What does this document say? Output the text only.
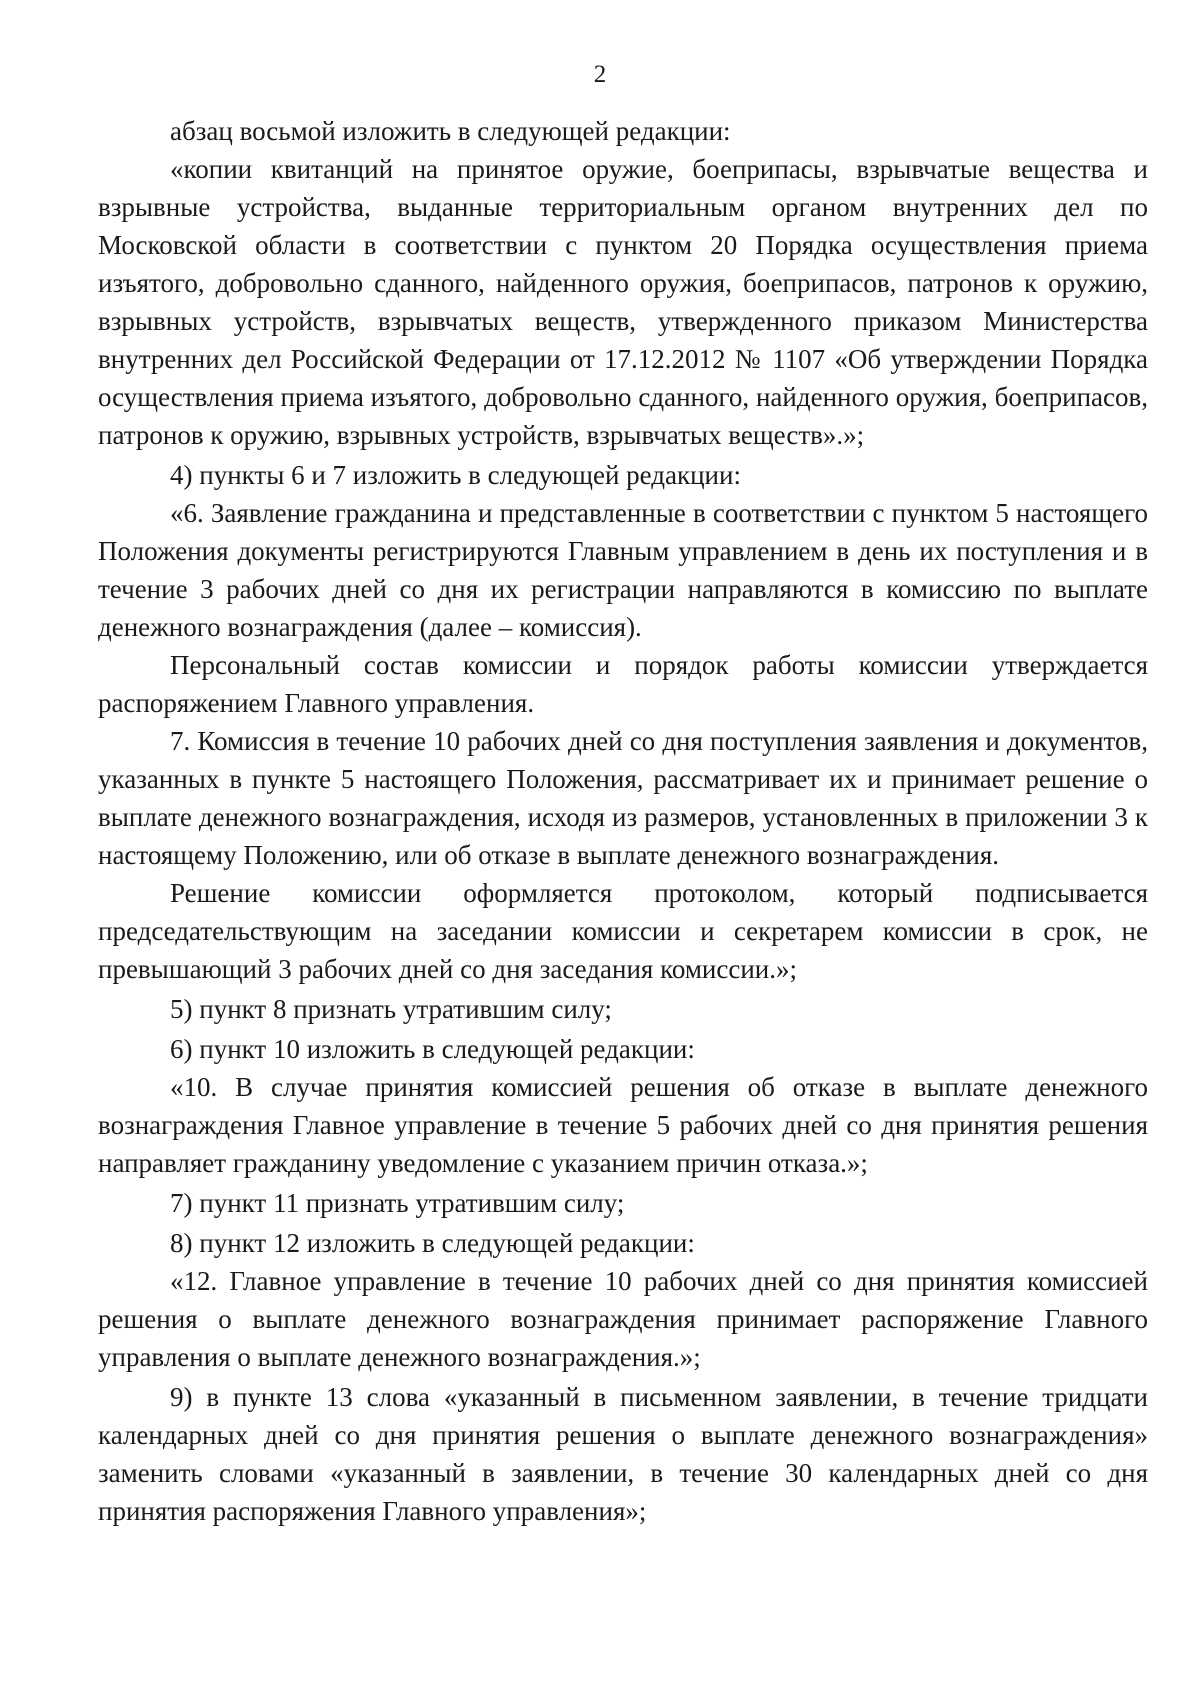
2

абзац восьмой изложить в следующей редакции:

«копии квитанций на принятое оружие, боеприпасы, взрывчатые вещества и взрывные устройства, выданные территориальным органом внутренних дел по Московской области в соответствии с пунктом 20 Порядка осуществления приема изъятого, добровольно сданного, найденного оружия, боеприпасов, патронов к оружию, взрывных устройств, взрывчатых веществ, утвержденного приказом Министерства внутренних дел Российской Федерации от 17.12.2012 № 1107 «Об утверждении Порядка осуществления приема изъятого, добровольно сданного, найденного оружия, боеприпасов, патронов к оружию, взрывных устройств, взрывчатых веществ».»;

4) пункты 6 и 7 изложить в следующей редакции:

«6. Заявление гражданина и представленные в соответствии с пунктом 5 настоящего Положения документы регистрируются Главным управлением в день их поступления и в течение 3 рабочих дней со дня их регистрации направляются в комиссию по выплате денежного вознаграждения (далее – комиссия).

Персональный состав комиссии и порядок работы комиссии утверждается распоряжением Главного управления.

7. Комиссия в течение 10 рабочих дней со дня поступления заявления и документов, указанных в пункте 5 настоящего Положения, рассматривает их и принимает решение о выплате денежного вознаграждения, исходя из размеров, установленных в приложении 3 к настоящему Положению, или об отказе в выплате денежного вознаграждения.

Решение комиссии оформляется протоколом, который подписывается председательствующим на заседании комиссии и секретарем комиссии в срок, не превышающий 3 рабочих дней со дня заседания комиссии.»;

5) пункт 8 признать утратившим силу;

6) пункт 10 изложить в следующей редакции:

«10. В случае принятия комиссией решения об отказе в выплате денежного вознаграждения Главное управление в течение 5 рабочих дней со дня принятия решения направляет гражданину уведомление с указанием причин отказа.»;

7) пункт 11 признать утратившим силу;

8) пункт 12 изложить в следующей редакции:

«12. Главное управление в течение 10 рабочих дней со дня принятия комиссией решения о выплате денежного вознаграждения принимает распоряжение Главного управления о выплате денежного вознаграждения.»;

9) в пункте 13 слова «указанный в письменном заявлении, в течение тридцати календарных дней со дня принятия решения о выплате денежного вознаграждения» заменить словами «указанный в заявлении, в течение 30 календарных дней со дня принятия распоряжения Главного управления»;
